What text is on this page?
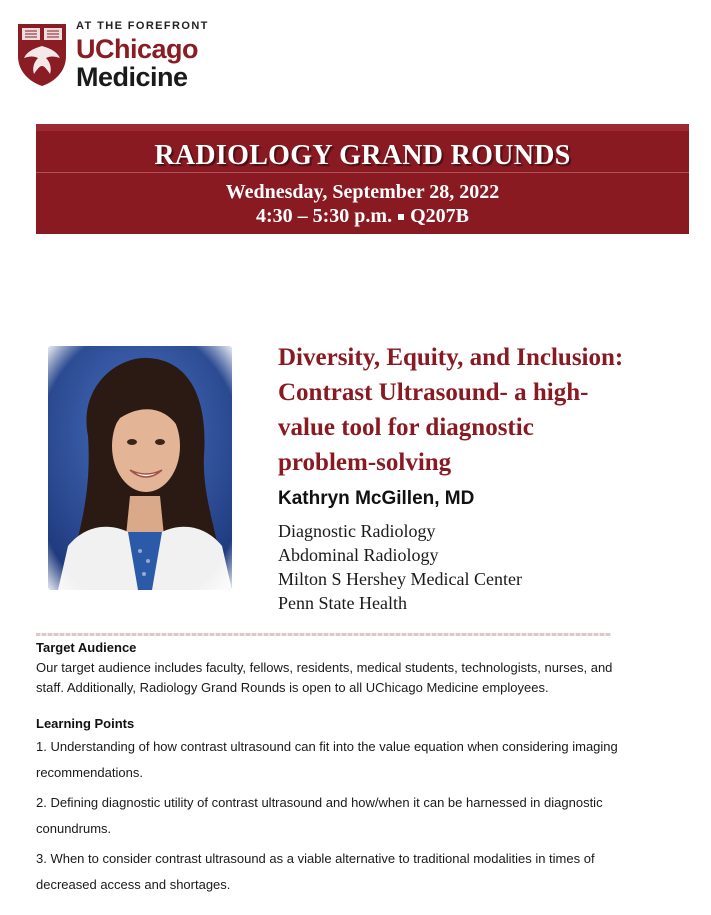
AT THE FOREFRONT
UChicago
Medicine
RADIOLOGY GRAND ROUNDS
Wednesday, September 28, 2022
4:30 – 5:30 p.m. Q207B
Diversity, Equity, and Inclusion:
Contrast Ultrasound- a high-
value tool for diagnostic
problem-solving
Kathryn McGillen, MD
Diagnostic Radiology
Abdominal Radiology
Milton S Hershey Medical Center
Penn State Health
Target Audience
Our target audience includes faculty, fellows, residents, medical students, technologists, nurses, and
staff. Additionally, Radiology Grand Rounds is open to all UChicago Medicine employees.
Learning Points
1. Understanding of how contrast ultrasound can fit into the value equation when considering imaging
recommendations.
2. Defining diagnostic utility of contrast ultrasound and how/when it can be harnessed in diagnostic
conundrums.
3. When to consider contrast ultrasound as a viable alternative to traditional modalities in times of
decreased access and shortages.
